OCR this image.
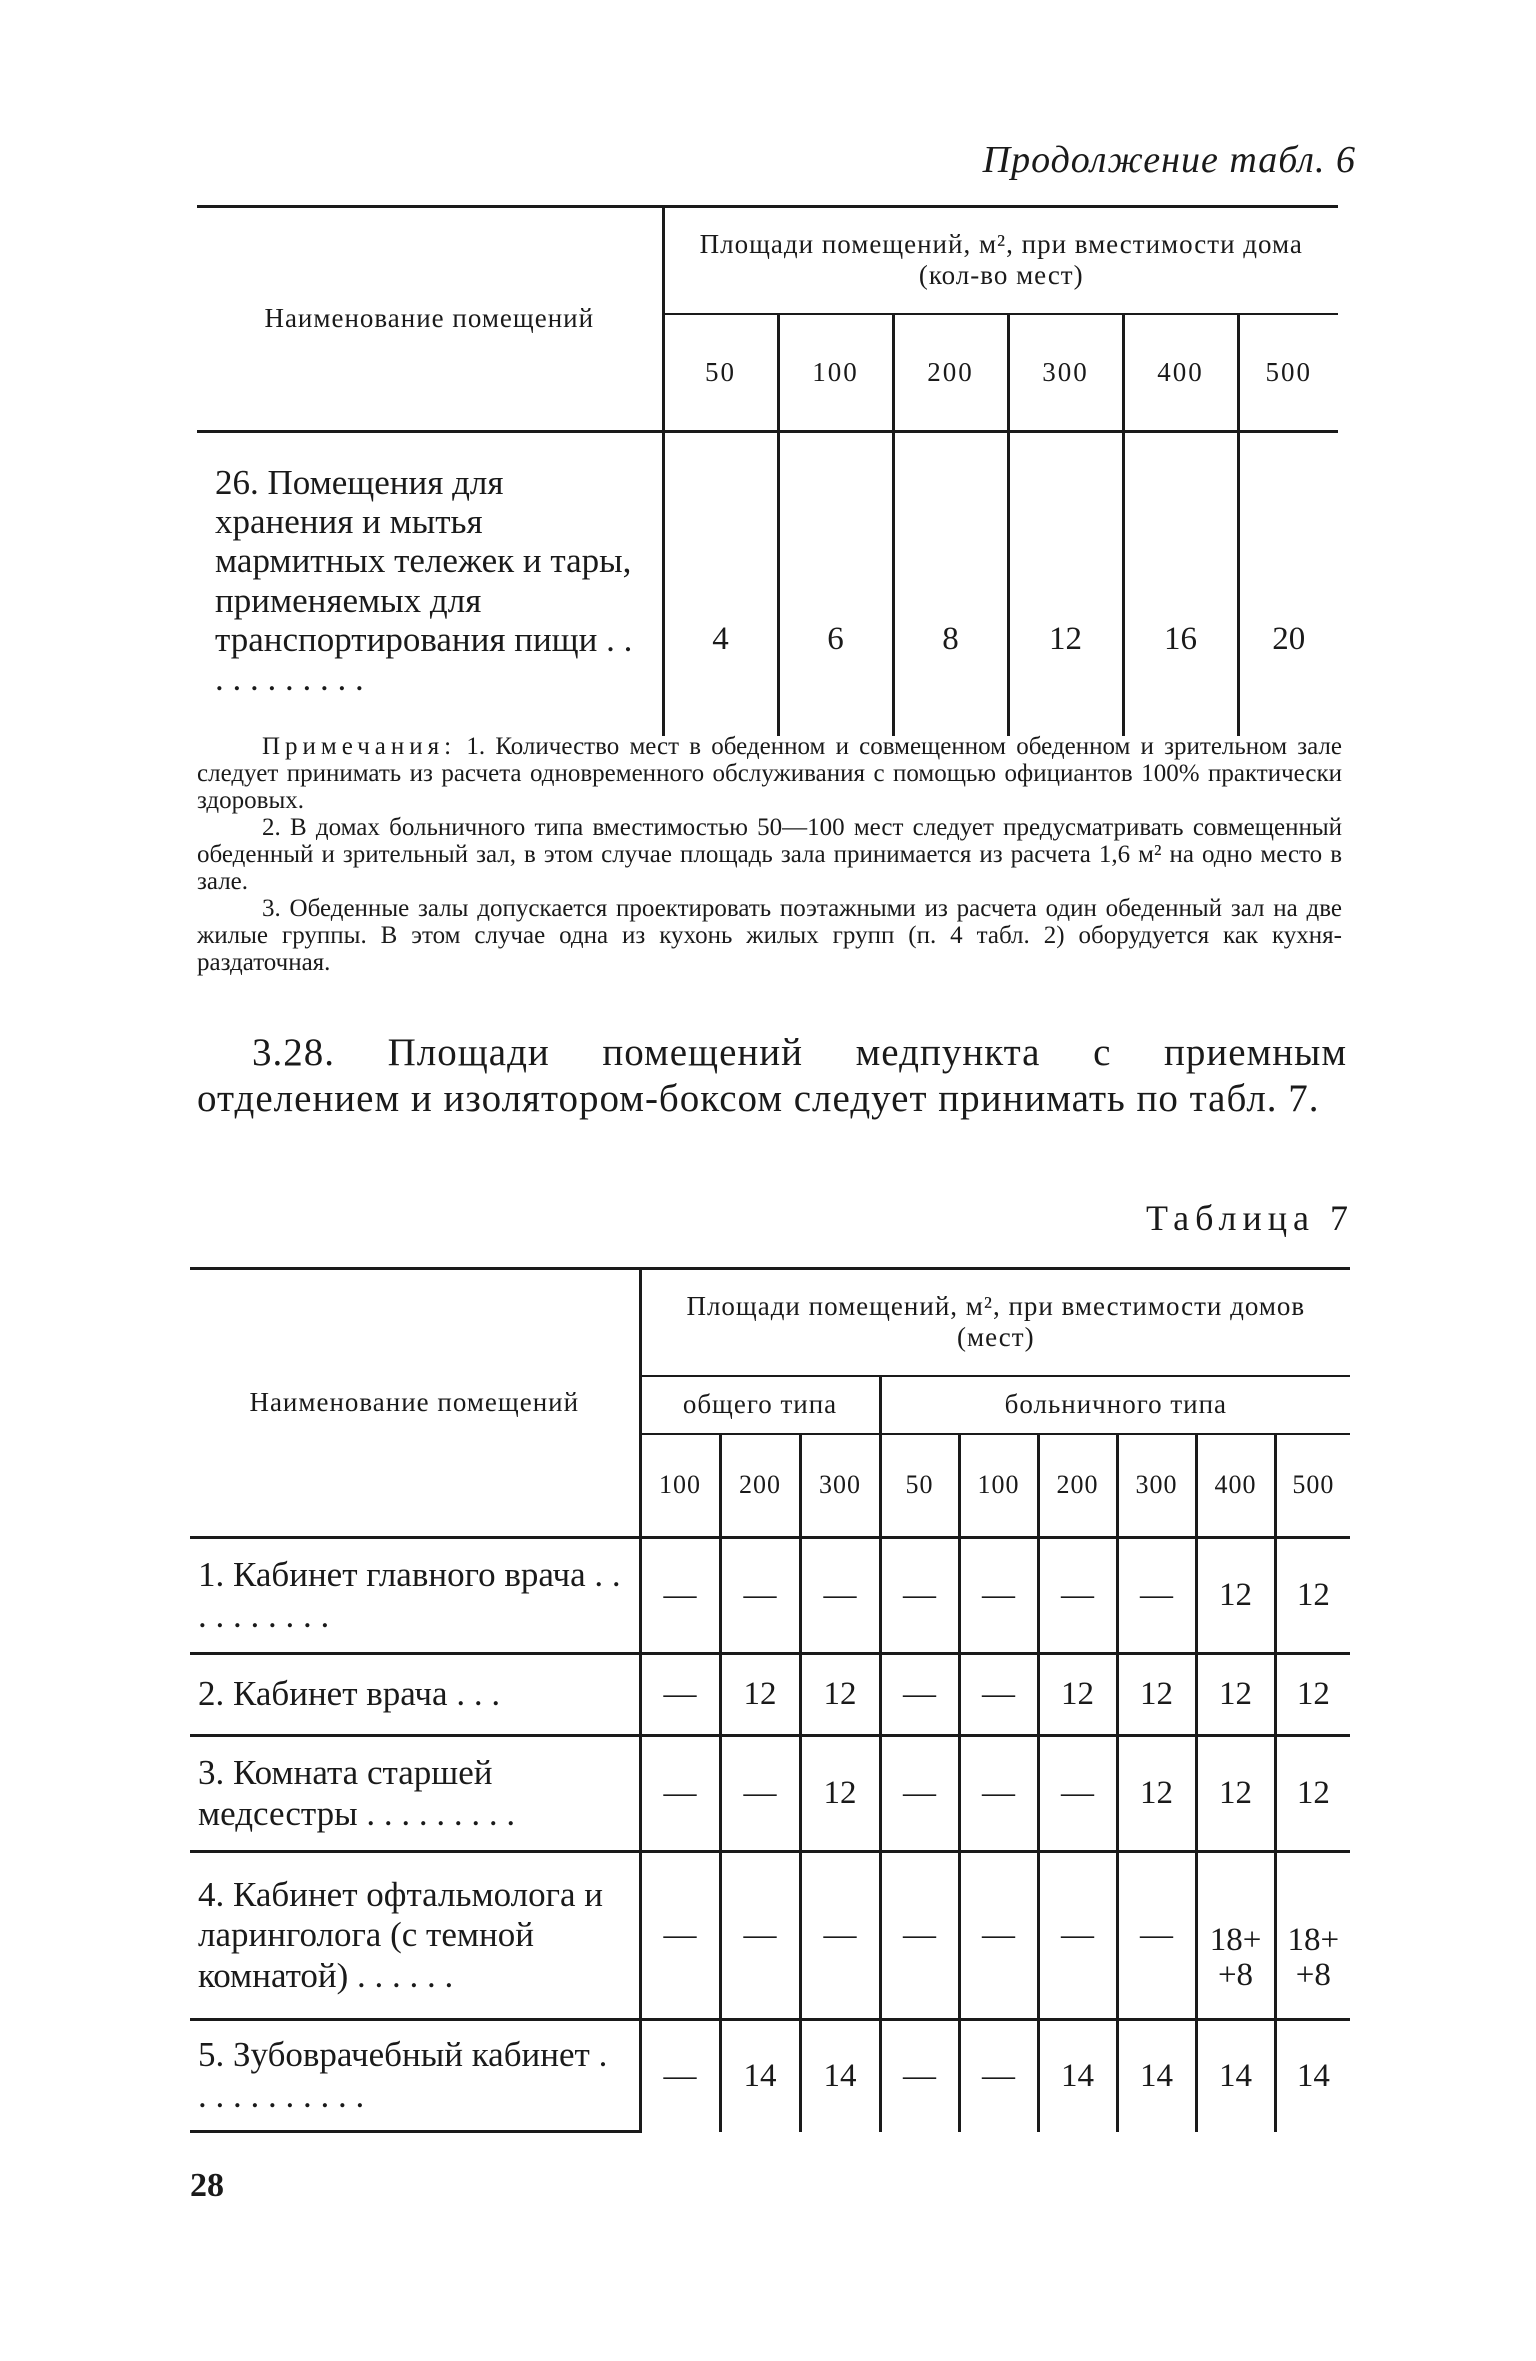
Продолжение табл. 6
Наименование помещений	Площади помещений, м², при вместимости дома (кол-во мест)					
	50	100	200	300	400	500
26. Помещения для хранения и мытья мармитных тележек и тары, применяемых для транспортирования пищи . . . . . . . . . . .	4	6	8	12	16	20

Примечания: 1. Количество мест в обеденном и совмещенном обеденном и зрительном зале следует принимать из расчета одновременного обслуживания с помощью официантов 100% практически здоровых.

2. В домах больничного типа вместимостью 50—100 мест следует предусматривать совмещенный обеденный и зрительный зал, в этом случае площадь зала принимается из расчета 1,6 м² на одно место в зале.

3. Обеденные залы допускается проектировать поэтажными из расчета один обеденный зал на две жилые группы. В этом случае одна из кухонь жилых групп (п. 4 табл. 2) оборудуется как кухня-раздаточная.

3.28. Площади помещений медпункта с приемным отделением и изолятором-боксом следует принимать по табл. 7.

Таблица 7
Наименование помещений	Площади помещений, м², при вместимости домов (мест)								
	общего типа			больничного типа					
	100	200	300	50	100	200	300	400	500
1. Кабинет главного врача . . . . . . . . . .	—	—	—	—	—	—	—	12	12
2. Кабинет врача . . .	—	12	12	—	—	12	12	12	12
3. Комната старшей медсестры . . . . . . . . .	—	—	12	—	—	—	12	12	12
4. Кабинет офтальмолога и ларинголога (с темной комнатой) . . . . . .	—	—	—	—	—	—	—	18+ +8	18+ +8
5. Зубоврачебный кабинет . . . . . . . . . . .	—	14	14	—	—	14	14	14	14
28
